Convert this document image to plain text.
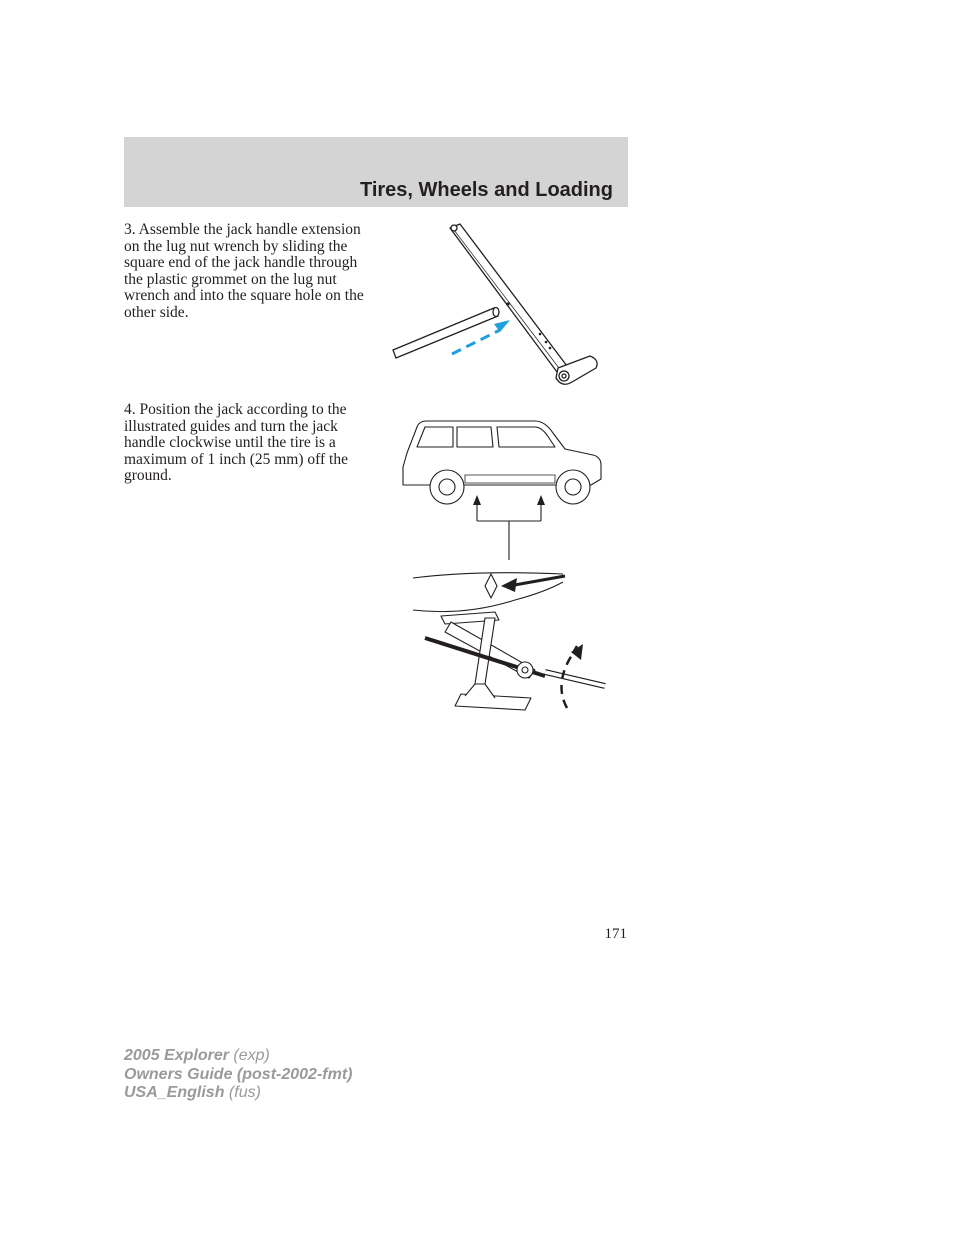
Tires, Wheels and Loading
3. Assemble the jack handle extension on the lug nut wrench by sliding the square end of the jack handle through the plastic grommet on the lug nut wrench and into the square hole on the other side.
4. Position the jack according to the illustrated guides and turn the jack handle clockwise until the tire is a maximum of 1 inch (25 mm) off the ground.
171
2005 Explorer (exp)
Owners Guide (post-2002-fmt)
USA_English (fus)
